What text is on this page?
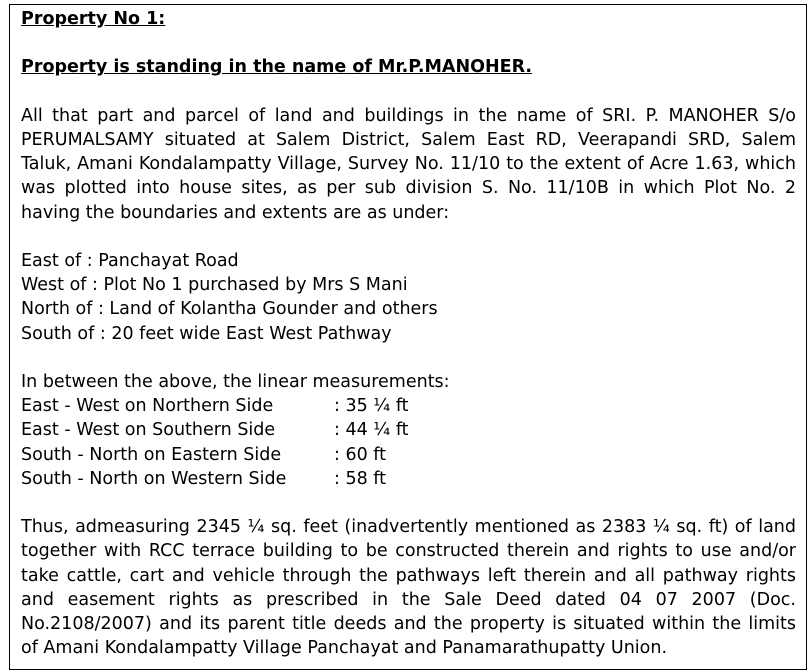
Property No 1:

Property is standing in the name of Mr.P.MANOHER.

All that part and parcel of land and buildings in the name of SRI. P. MANOHER S/o PERUMALSAMY situated at Salem District, Salem East RD, Veerapandi SRD, Salem Taluk, Amani Kondalampatty Village, Survey No. 11/10 to the extent of Acre 1.63, which was plotted into house sites, as per sub division S. No. 11/10B in which Plot No. 2 having the boundaries and extents are as under:

East of : Panchayat Road

West of : Plot No 1 purchased by Mrs S Mani

North of : Land of Kolantha Gounder and others

South of : 20 feet wide East West Pathway

In between the above, the linear measurements:

East - West on Northern Side	: 35 ¼ ft
East - West on Southern Side	: 44 ¼ ft
South - North on Eastern Side	: 60 ft
South - North on Western Side	: 58 ft

Thus, admeasuring 2345 ¼ sq. feet (inadvertently mentioned as 2383 ¼ sq. ft) of land together with RCC terrace building to be constructed therein and rights to use and/or take cattle, cart and vehicle through the pathways left therein and all pathway rights and easement rights as prescribed in the Sale Deed dated 04 07 2007 (Doc. No.2108/2007) and its parent title deeds and the property is situated within the limits of Amani Kondalampatty Village Panchayat and Panamarathupatty Union.
